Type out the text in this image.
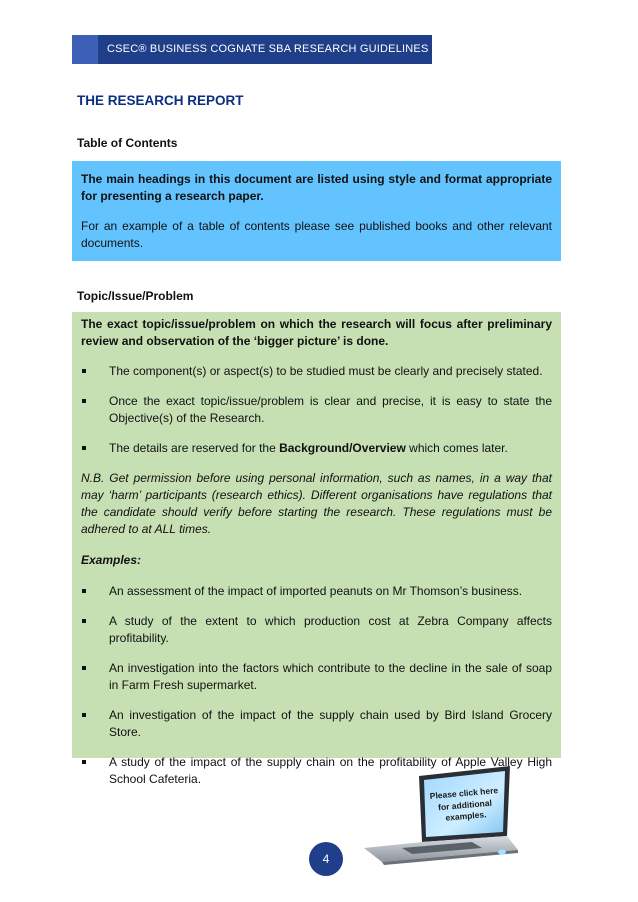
CSEC® BUSINESS COGNATE SBA RESEARCH GUIDELINES
THE RESEARCH REPORT
Table of Contents

The main headings in this document are listed using style and format appropriate for presenting a research paper.

For an example of a table of contents please see published books and other relevant documents.

Topic/Issue/Problem

The exact topic/issue/problem on which the research will focus after preliminary review and observation of the ‘bigger picture’ is done.

The component(s) or aspect(s) to be studied must be clearly and precisely stated.

Once the exact topic/issue/problem is clear and precise, it is easy to state the Objective(s) of the Research.

The details are reserved for the Background/Overview which comes later.

N.B. Get permission before using personal information, such as names, in a way that may ‘harm’ participants (research ethics). Different organisations have regulations that the candidate should verify before starting the research. These regulations must be adhered to at ALL times.

Examples:

An assessment of the impact of imported peanuts on Mr Thomson’s business.

A study of the extent to which production cost at Zebra Company affects profitability.

An investigation into the factors which contribute to the decline in the sale of soap in Farm Fresh supermarket.

An investigation of the impact of the supply chain used by Bird Island Grocery Store.

A study of the impact of the supply chain on the profitability of Apple Valley High School Cafeteria.

Please click here for additional examples.
4
